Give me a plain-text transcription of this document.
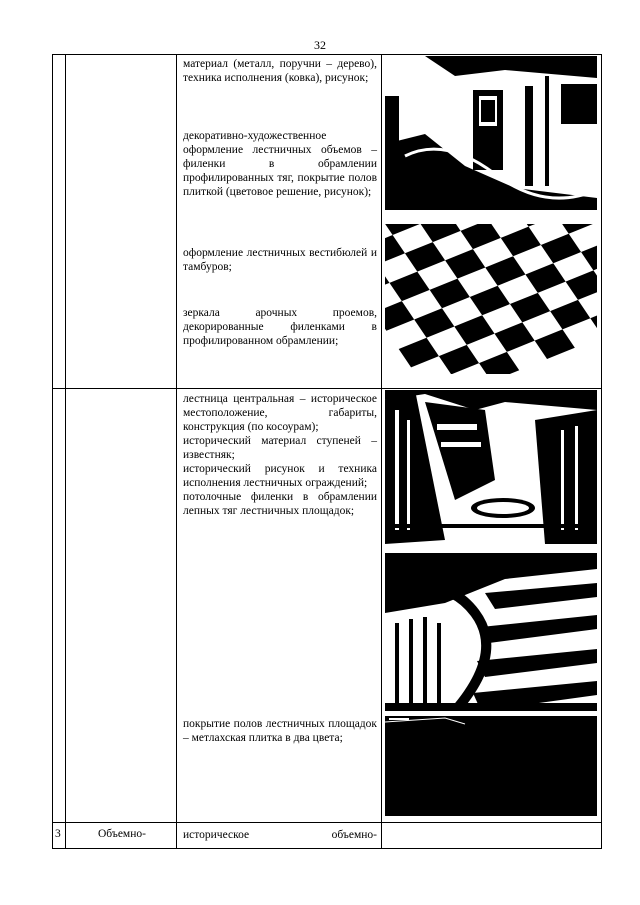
32

материал (металл, поручни – дерево), техника исполнения (ковка), рисунок;

декоративно-художественное оформление лестничных объемов – филенки в обрамлении профилированных тяг, покрытие полов плиткой (цветовое решение, рисунок);

оформление лестничных вестибюлей и тамбуров;

зеркала арочных проемов, декорированные филенками в профилированном обрамлении;

лестница центральная – историческое местоположение, габариты, конструкция (по косоурам);

исторический материал ступеней – известняк;

исторический рисунок и техника исполнения лестничных ограждений;

потолочные филенки в обрамлении лепных тяг лестничных площадок;

покрытие полов лестничных площадок – метлахская плитка в два цвета;

3	Объемно-	историческое объемно-
